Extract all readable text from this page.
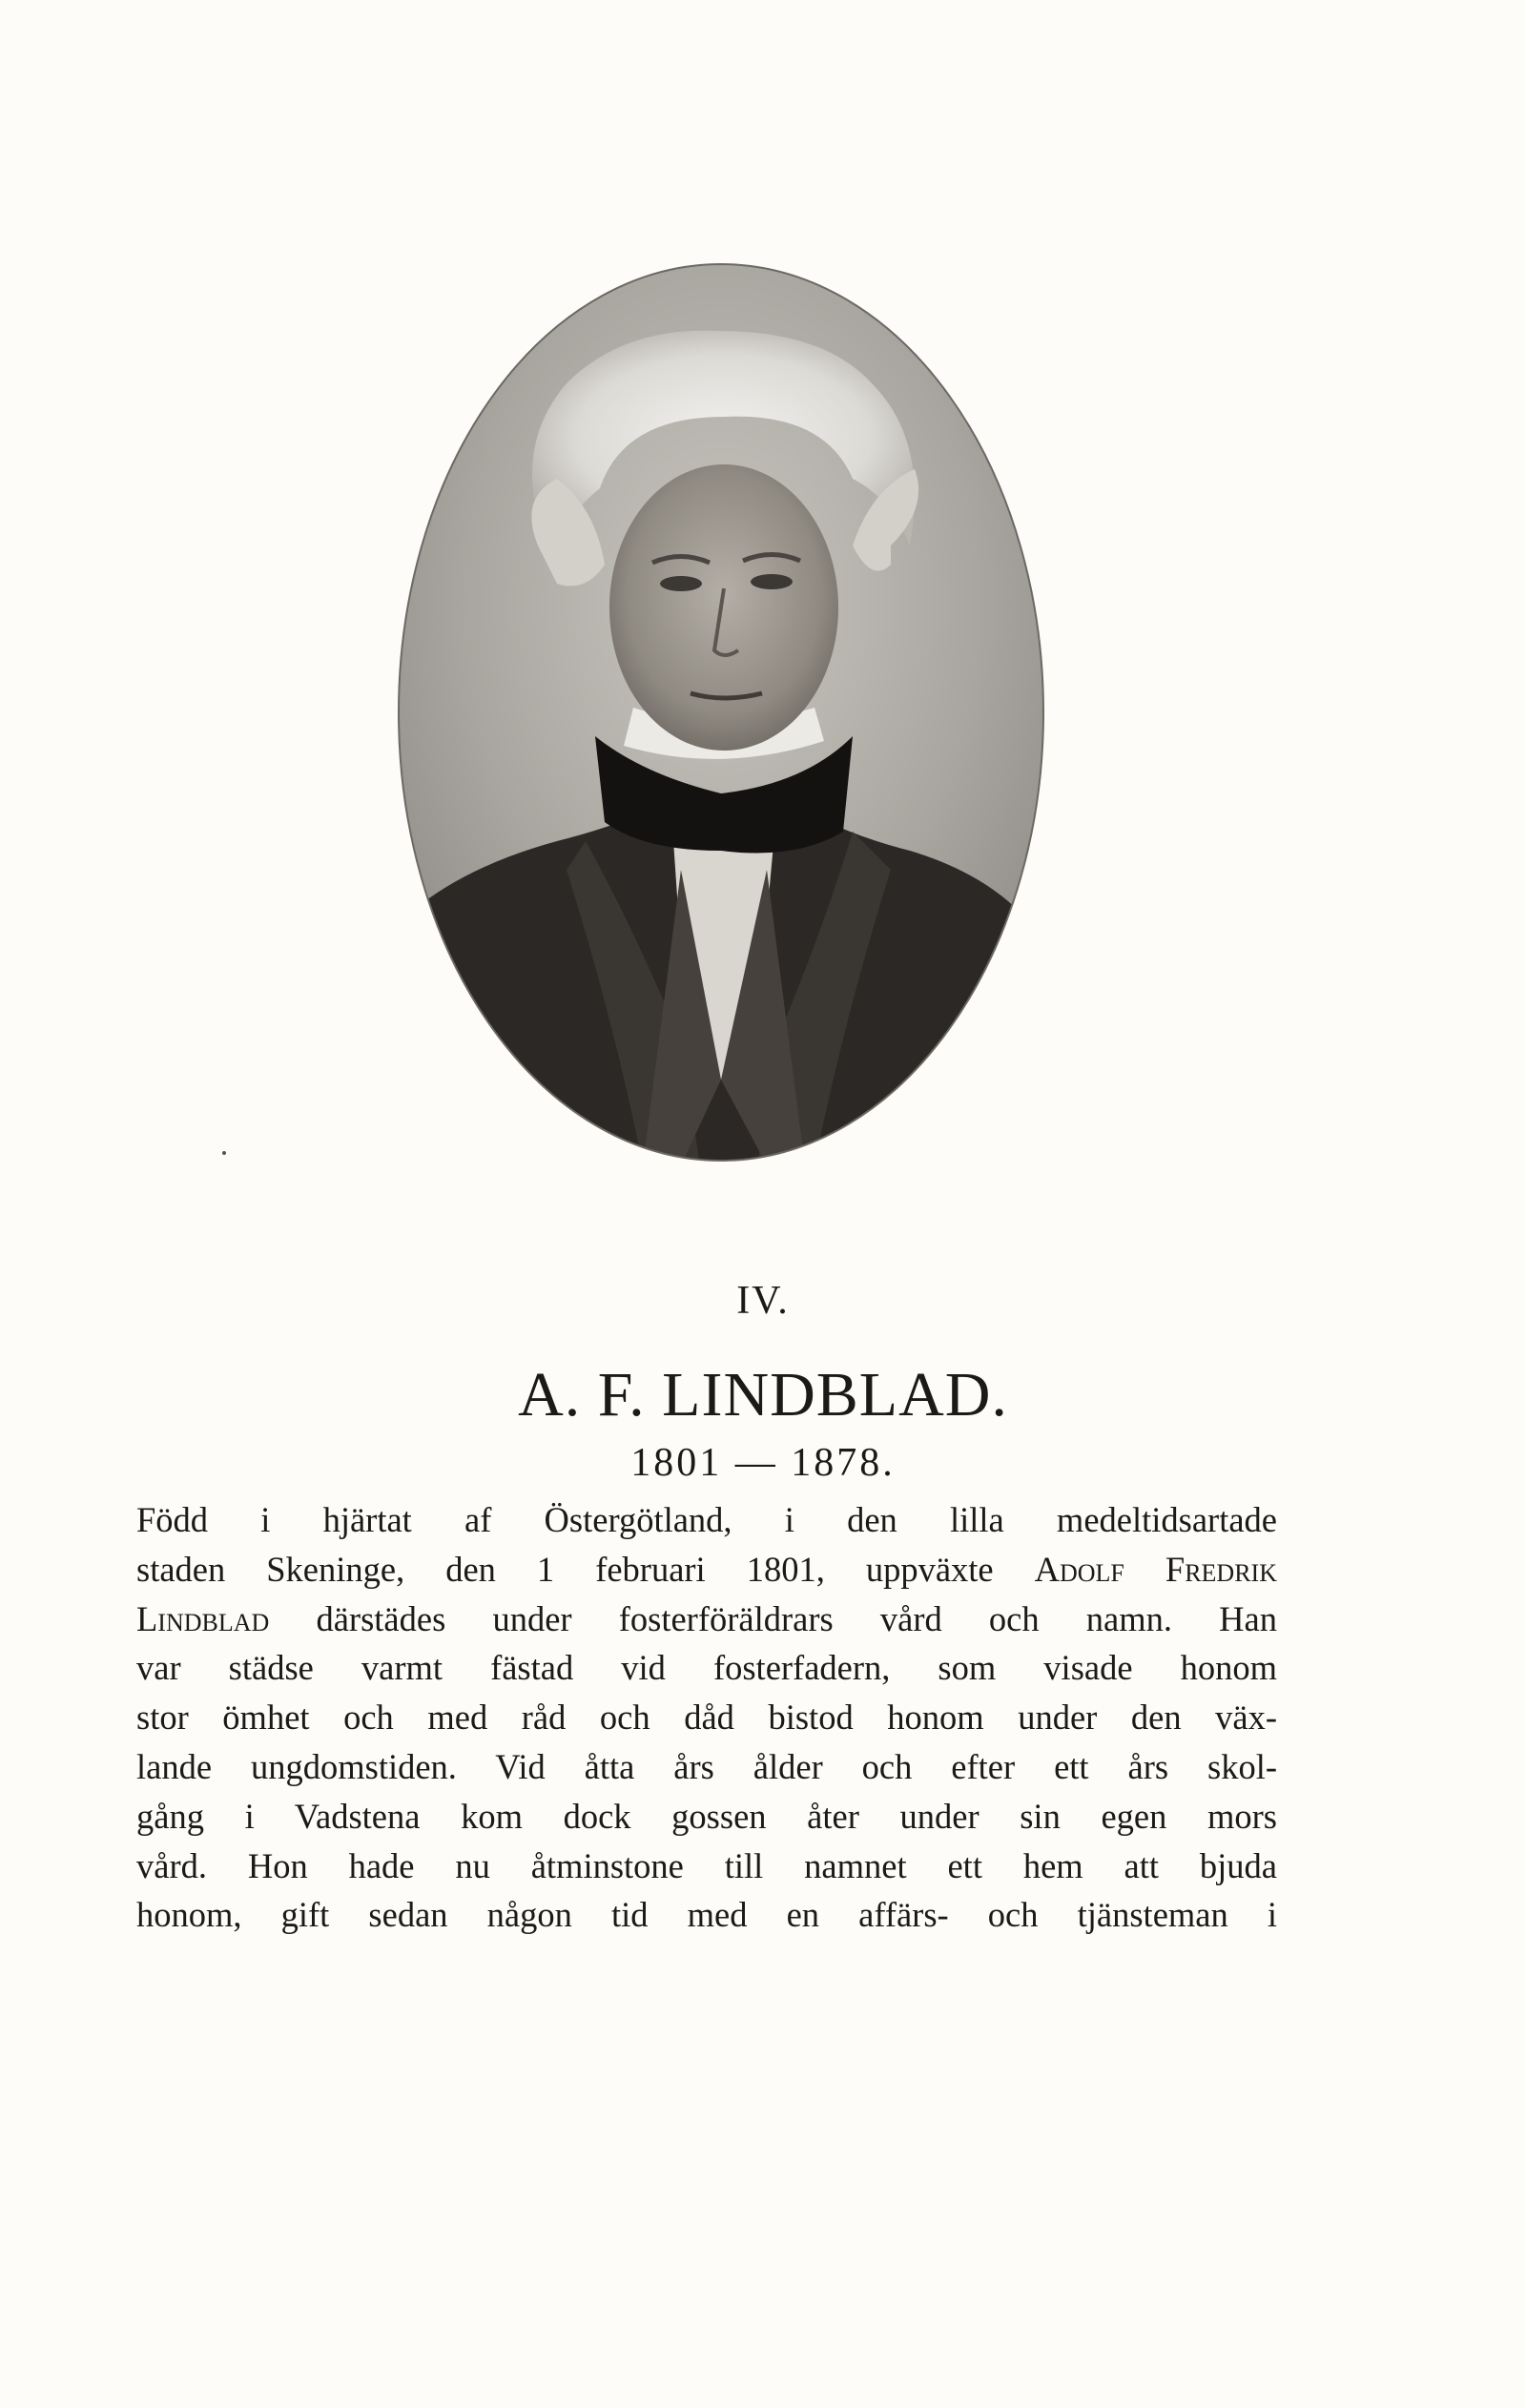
IV.
A. F. LINDBLAD.
1801 — 1878.
Född i hjärtat af Östergötland, i den lilla medeltidsartade
staden Skeninge, den 1 februari 1801, uppväxte Adolf Fredrik
Lindblad därstädes under fosterföräldrars vård och namn. Han
var städse varmt fästad vid fosterfadern, som visade honom
stor ömhet och med råd och dåd bistod honom under den väx-
lande ungdomstiden. Vid åtta års ålder och efter ett års skol-
gång i Vadstena kom dock gossen åter under sin egen mors
vård. Hon hade nu åtminstone till namnet ett hem att bjuda
honom, gift sedan någon tid med en affärs- och tjänsteman i
